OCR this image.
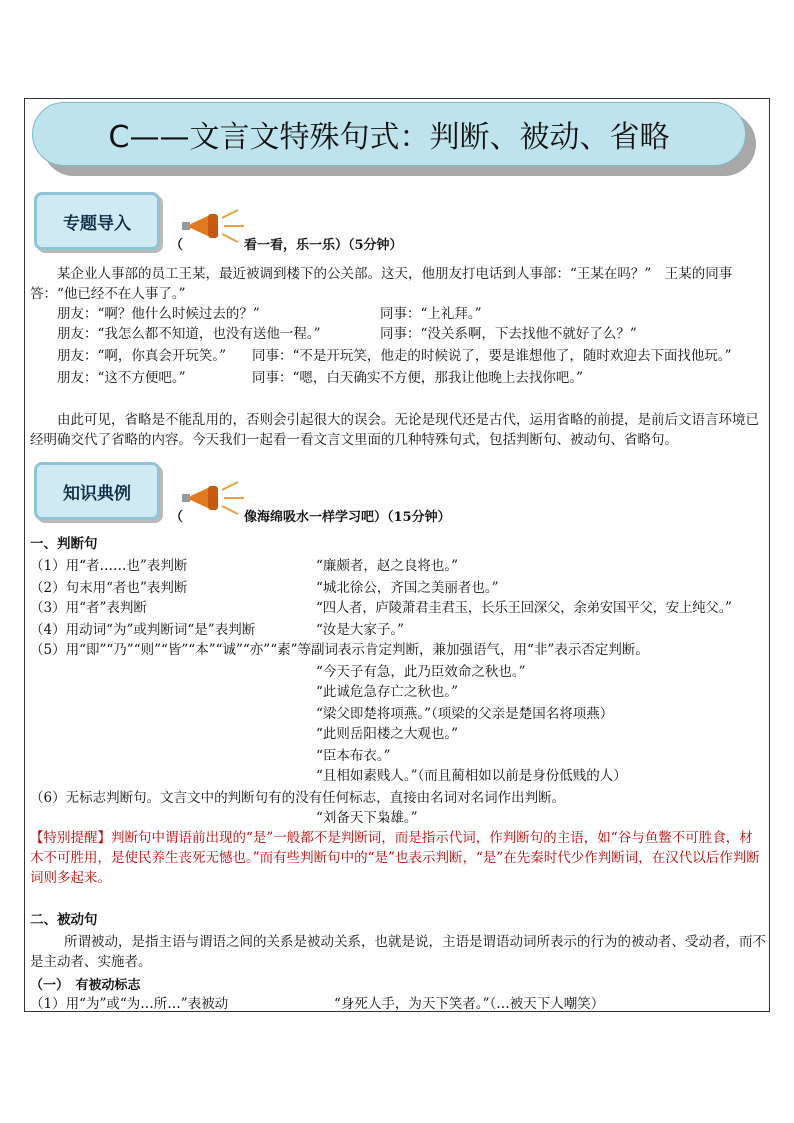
C——文言文特殊句式：判断、被动、省略
专题导入
（	看一看，乐一乐）（5分钟）
某企业人事部的员工王某，最近被调到楼下的公关部。这天，他朋友打电话到人事部：“王某在吗？”　王某的同事答：“他已经不在人事了。”
朋友：“啊？他什么时候过去的？”	同事：“上礼拜。”
朋友：“我怎么都不知道，也没有送他一程。”	同事：“没关系啊，下去找他不就好了么？”
朋友：“啊，你真会开玩笑。” 同事：“不是开玩笑，他走的时候说了，要是谁想他了，随时欢迎去下面找他玩。”
朋友：“这不方便吧。”	同事：“嗯，白天确实不方便，那我让他晚上去找你吧。”
由此可见，省略是不能乱用的，否则会引起很大的误会。无论是现代还是古代，运用省略的前提，是前后文语言环境已经明确交代了省略的内容。今天我们一起看一看文言文里面的几种特殊句式，包括判断句、被动句、省略句。
知识典例
（	像海绵吸水一样学习吧）（15分钟）
一、判断句
（1）用“者……也”表判断	“廉颇者，赵之良将也。”
（2）句末用“者也”表判断	“城北徐公，齐国之美丽者也。”
（3）用“者”表判断	“四人者，庐陵萧君圭君玉，长乐王回深父，余弟安国平父，安上纯父。”
（4）用动词“为”或判断词“是”表判断	“汝是大家子。”
（5）用“即”“乃”“则”“皆”“本”“诚”“亦”“素”等副词表示肯定判断，兼加强语气，用“非”表示否定判断。
“今天子有急，此乃臣效命之秋也。”
“此诚危急存亡之秋也。”
“梁父即楚将项燕。”（项梁的父亲是楚国名将项燕）
“此则岳阳楼之大观也。”
“臣本布衣。”
“且相如素贱人。”（而且蔺相如以前是身份低贱的人）
（6）无标志判断句。文言文中的判断句有的没有任何标志，直接由名词对名词作出判断。
“刘备天下枭雄。”
【特别提醒】判断句中谓语前出现的“是”一般都不是判断词，而是指示代词，作判断句的主语，如“谷与鱼鳖不可胜食，材木不可胜用，是使民养生丧死无憾也。”而有些判断句中的“是”也表示判断，“是”在先秦时代少作判断词，在汉代以后作判断词则多起来。
二、被动句
所谓被动，是指主语与谓语之间的关系是被动关系，也就是说，主语是谓语动词所表示的行为的被动者、受动者，而不是主动者、实施者。
（一）　有被动标志
（1）用“为”或“为…所…”表被动	“身死人手，为天下笑者。”（…被天下人嘲笑）
